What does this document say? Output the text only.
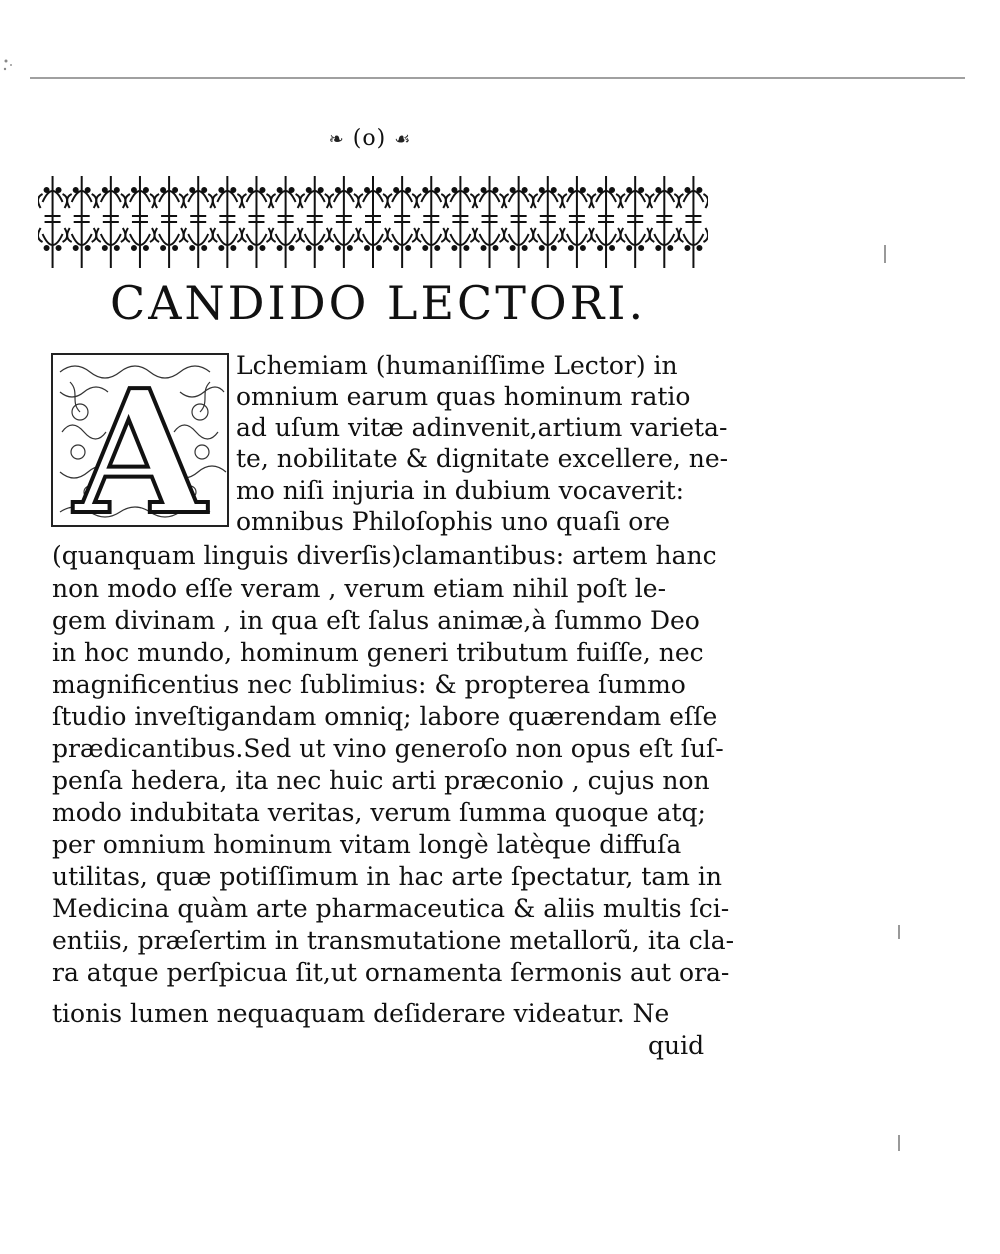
❧ (o) ☙
CANDIDO LECTORI.
A Lchemiam (humaniſſime Lector) in
omnium earum quas hominum ratio
ad uſum vitæ adinvenit,artium varieta-
te, nobilitate & dignitate excellere, ne-
mo niſi injuria in dubium vocaverit:
omnibus Philoſophis uno quaſi ore
(quanquam linguis diverſis)clamantibus: artem hanc
non modo eſſe veram , verum etiam nihil poſt le-
gem divinam , in qua eſt ſalus animæ,à ſummo Deo
in hoc mundo, hominum generi tributum fuiſſe, nec
magnificentius nec ſublimius: & propterea ſummo
ſtudio inveſtigandam omniq; labore quærendam eſſe
prædicantibus.Sed ut vino generoſo non opus eſt ſuſ-
penſa hedera, ita nec huic arti præconio , cujus non
modo indubitata veritas, verum ſumma quoque atq;
per omnium hominum vitam longè latèque diffuſa
utilitas, quæ potiſſimum in hac arte ſpectatur, tam in
Medicina quàm arte pharmaceutica & aliis multis ſci-
entiis, præſertim in transmutatione metallorũ, ita cla-
ra atque perſpicua ſit,ut ornamenta ſermonis aut ora-
tionis lumen nequaquam deſiderare videatur. Ne
quid
